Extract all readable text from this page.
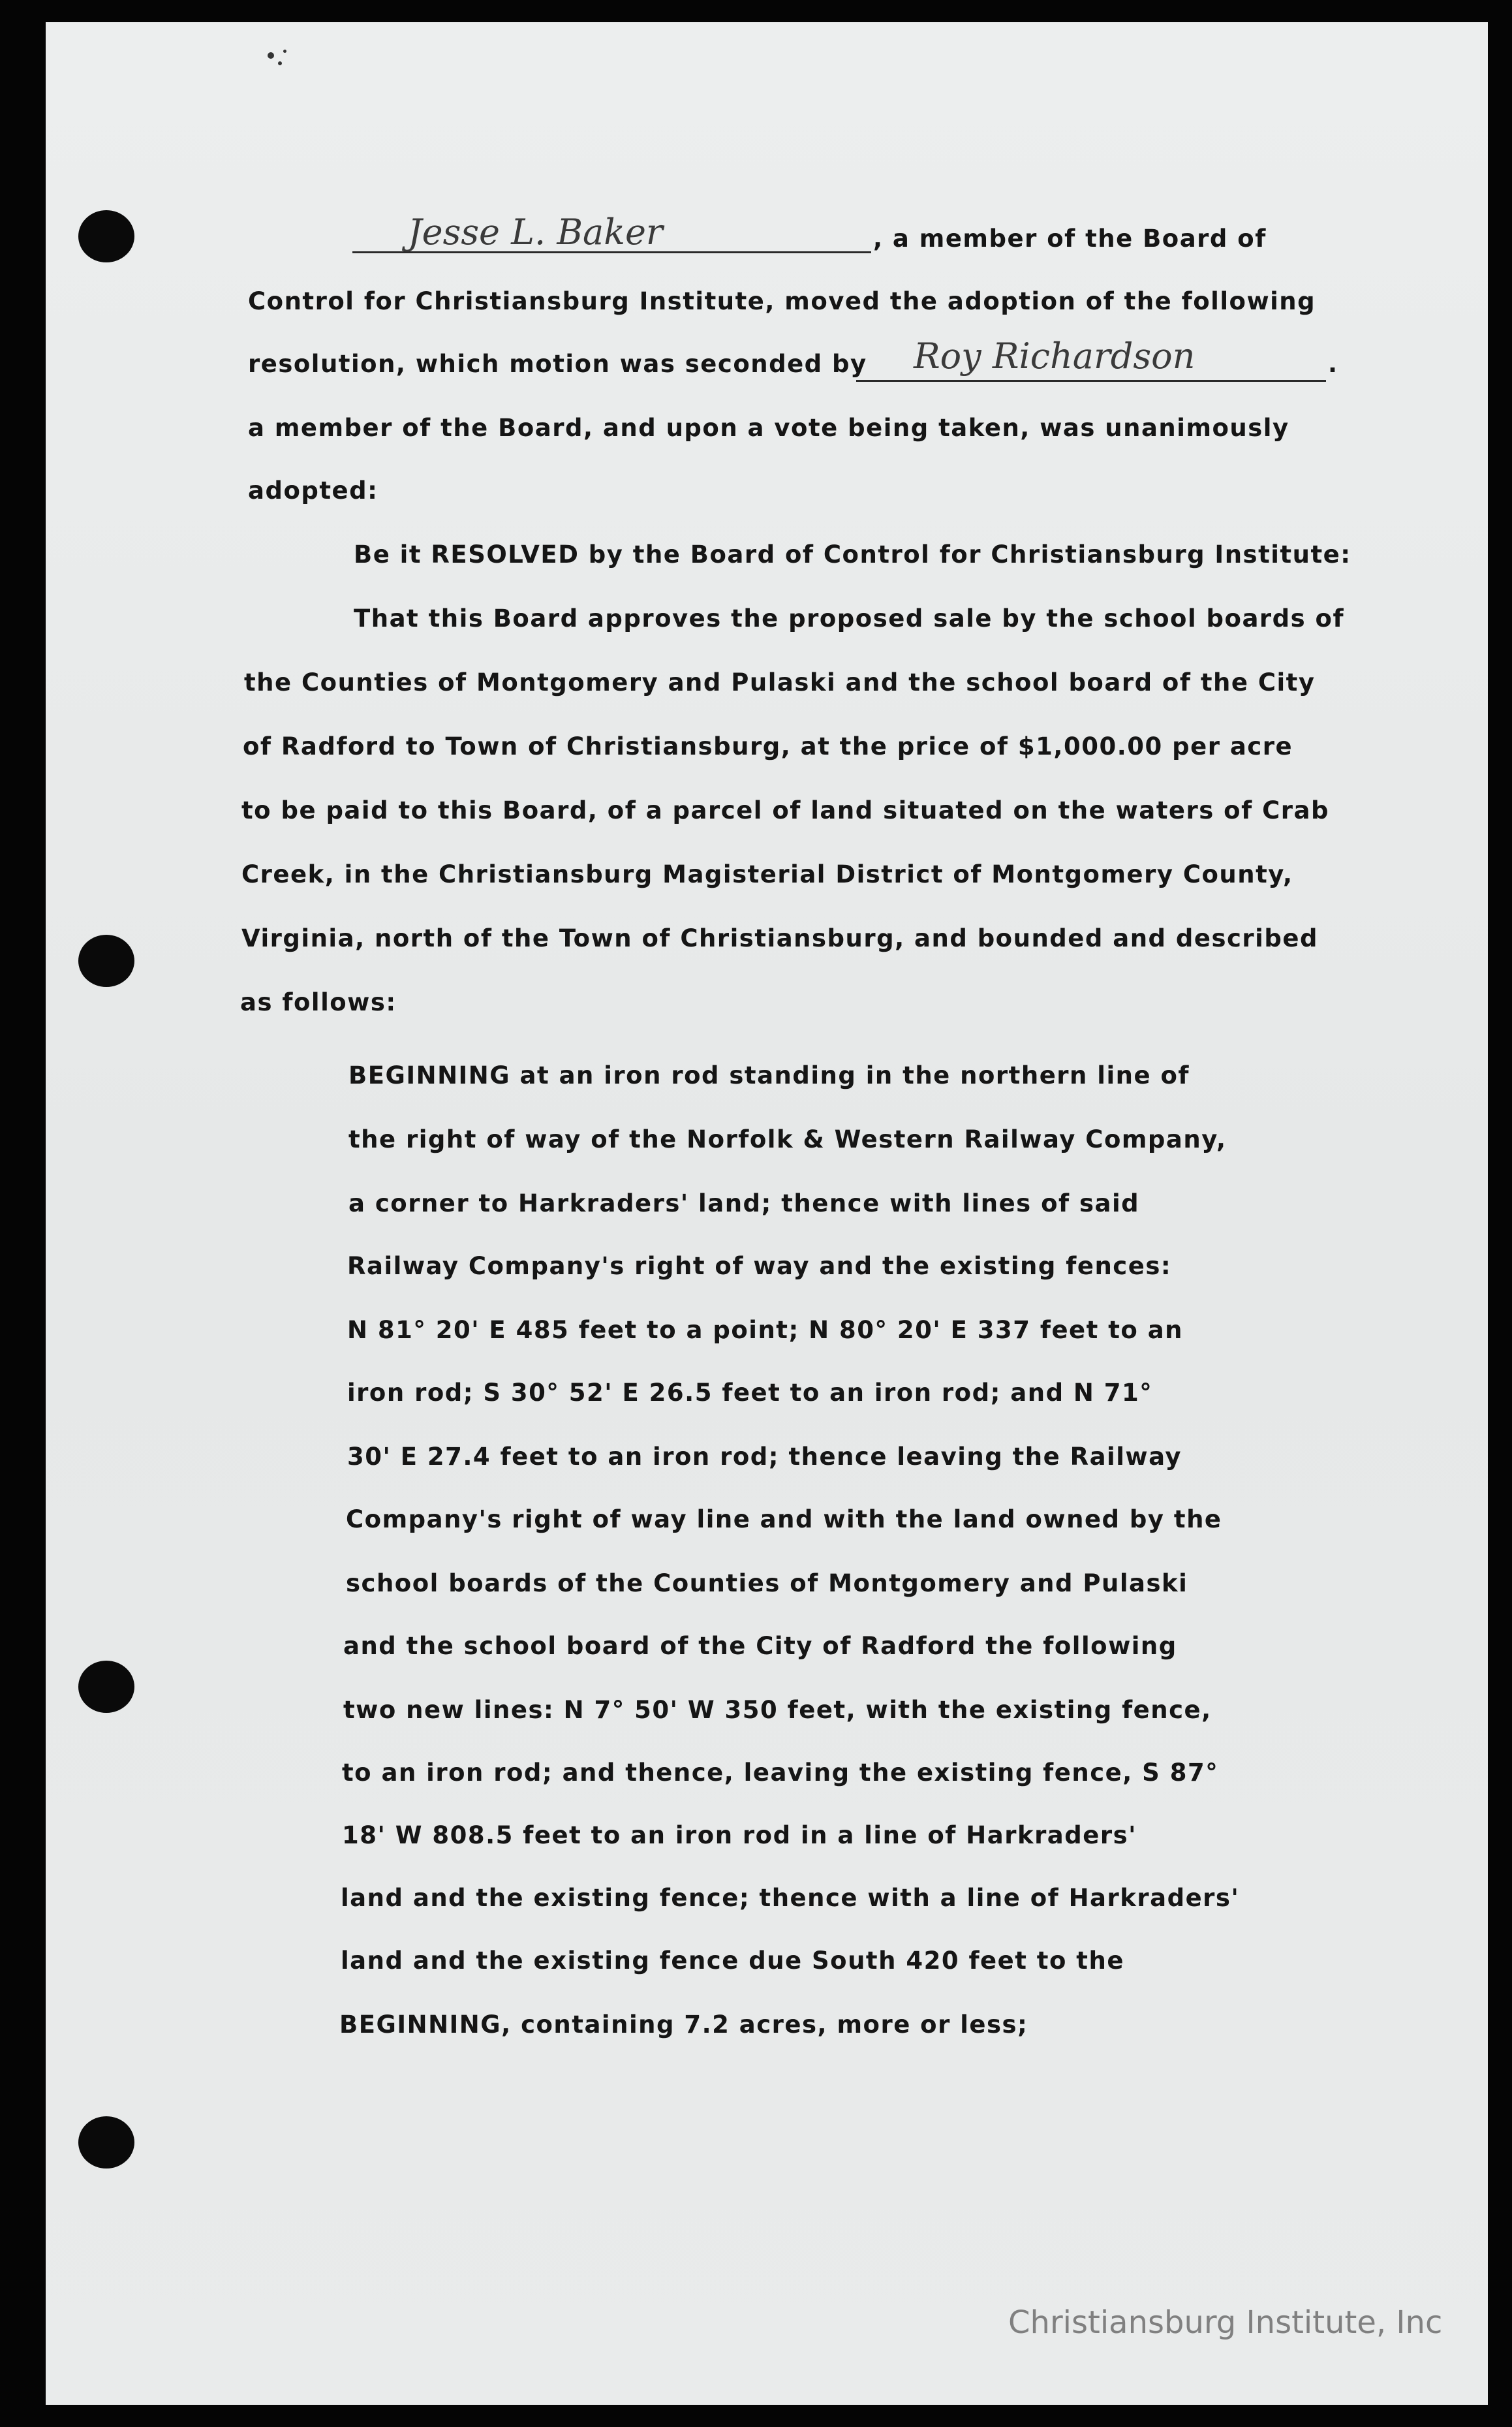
Jesse L. Baker	, a member of the Board of
Control for Christiansburg Institute, moved the adoption of the following
resolution, which motion was seconded by Roy Richardson	.
a member of the Board, and upon a vote being taken, was unanimously
adopted:
Be it RESOLVED by the Board of Control for Christiansburg Institute:
That this Board approves the proposed sale by the school boards of
the Counties of Montgomery and Pulaski and the school board of the City
of Radford to Town of Christiansburg, at the price of $1,000.00 per acre
to be paid to this Board, of a parcel of land situated on the waters of Crab
Creek, in the Christiansburg Magisterial District of Montgomery County,
Virginia, north of the Town of Christiansburg, and bounded and described
as follows:
BEGINNING at an iron rod standing in the northern line of
the right of way of the Norfolk & Western Railway Company,
a corner to Harkraders' land; thence with lines of said
Railway Company's right of way and the existing fences:
N 81° 20' E 485 feet to a point; N 80° 20' E 337 feet to an
iron rod; S 30° 52' E 26.5 feet to an iron rod; and N 71°
30' E 27.4 feet to an iron rod; thence leaving the Railway
Company's right of way line and with the land owned by the
school boards of the Counties of Montgomery and Pulaski
and the school board of the City of Radford the following
two new lines: N 7° 50' W 350 feet, with the existing fence,
to an iron rod; and thence, leaving the existing fence, S 87°
18' W 808.5 feet to an iron rod in a line of Harkraders'
land and the existing fence; thence with a line of Harkraders'
land and the existing fence due South 420 feet to the
BEGINNING, containing 7.2 acres, more or less;
Christiansburg Institute, Inc
